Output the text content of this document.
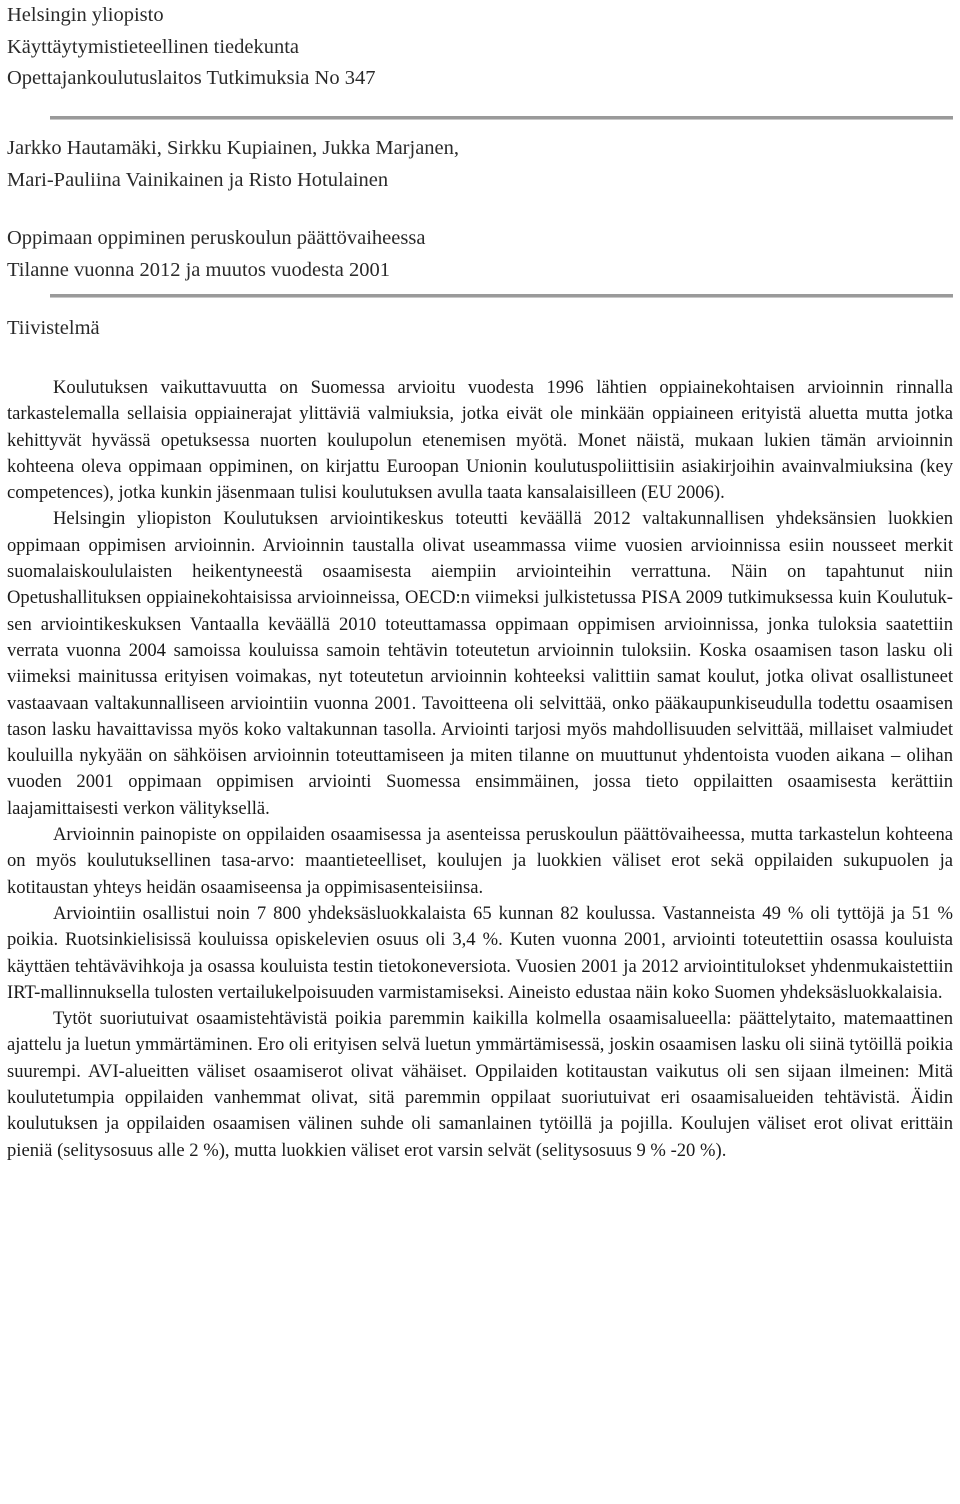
Helsingin yliopisto
Käyttäytymistieteellinen tiedekunta
Opettajankoulutuslaitos Tutkimuksia No 347
Jarkko Hautamäki, Sirkku Kupiainen, Jukka Marjanen,
Mari-Pauliina Vainikainen ja Risto Hotulainen
Oppimaan oppiminen peruskoulun päättövaiheessa
Tilanne vuonna 2012 ja muutos vuodesta 2001
Tiivistelmä

Koulutuksen vaikuttavuutta on Suomessa arvioitu vuodesta 1996 lähtien oppiainekohtaisen arvioinnin rinnalla tarkastelemalla sellaisia oppiainerajat ylittäviä valmiuksia, jotka eivät ole minkään oppiaineen erityistä aluetta mutta jotka kehittyvät hyvässä opetuksessa nuorten koulupolun etenemisen myötä. Monet näistä, mukaan lukien tämän arvioinnin kohteena oleva oppimaan oppiminen, on kirjattu Euroopan Unionin koulutuspoliittisiin asiakirjoihin avainvalmiuksina (key competences), jotka kunkin jäsenmaan tulisi koulutuksen avulla taata kansalaisilleen (EU 2006).

Helsingin yliopiston Koulutuksen arviointikeskus toteutti keväällä 2012 valtakunnallisen yhdeksänsien luokkien oppimaan oppimisen arvioinnin. Arvioinnin taustalla olivat useammassa viime vuosien arvioinnissa esiin nousseet merkit suomalaiskoululaisten heikentyneestä osaamisesta aiempiin arviointeihin verrattuna. Näin on tapahtunut niin Opetushallituksen oppiainekohtaisissa arvioinneissa, OECD:n viimeksi julkistetussa PISA 2009 tutkimuksessa kuin Koulutuksen arviointikeskuksen Vantaalla keväällä 2010 toteuttamassa oppimaan oppimisen arvioinnissa, jonka tuloksia saatettiin verrata vuonna 2004 samoissa kouluissa samoin tehtävin toteutetun arvioinnin tuloksiin. Koska osaamisen tason lasku oli viimeksi mainitussa erityisen voimakas, nyt toteutetun arvioinnin kohteeksi valittiin samat koulut, jotka olivat osallistuneet vastaavaan valtakunnalliseen arviointiin vuonna 2001. Tavoitteena oli selvittää, onko pääkaupunkiseudulla todettu osaamisen tason lasku havaittavissa myös koko valtakunnan tasolla. Arviointi tarjosi myös mahdollisuuden selvittää, millaiset valmiudet kouluilla nykyään on sähköisen arvioinnin toteuttamiseen ja miten tilanne on muuttunut yhdentoista vuoden aikana – olihan vuoden 2001 oppimaan oppimisen arviointi Suomessa ensimmäinen, jossa tieto oppilaitten osaamisesta kerättiin laajamittaisesti verkon välityksellä.

Arvioinnin painopiste on oppilaiden osaamisessa ja asenteissa peruskoulun päättövaiheessa, mutta tarkastelun kohteena on myös koulutuksellinen tasa-arvo: maantieteelliset, koulujen ja luokkien väliset erot sekä oppilaiden sukupuolen ja kotitaustan yhteys heidän osaamiseensa ja oppimisasenteisiinsa.

Arviointiin osallistui noin 7 800 yhdeksäsluokkalaista 65 kunnan 82 koulussa. Vastanneista 49 % oli tyttöjä ja 51 % poikia. Ruotsinkielisissä kouluissa opiskelevien osuus oli 3,4 %. Kuten vuonna 2001, arviointi toteutettiin osassa kouluista käyttäen tehtävävihkoja ja osassa kouluista testin tietokoneversiota. Vuosien 2001 ja 2012 arviointitulokset yhdenmukaistettiin IRT-mallinnuksella tulosten vertailukelpoisuuden varmistamiseksi. Aineisto edustaa näin koko Suomen yhdeksäsluokkalaisia.

Tytöt suoriutuivat osaamistehtävistä poikia paremmin kaikilla kolmella osaamisalueella: päättelytaito, matemaattinen ajattelu ja luetun ymmärtäminen. Ero oli erityisen selvä luetun ymmärtämisessä, joskin osaamisen lasku oli siinä tytöillä poikia suurempi. AVI-alueitten väliset osaamiserot olivat vähäiset. Oppilaiden kotitaustan vaikutus oli sen sijaan ilmeinen: Mitä koulutetumpia oppilaiden vanhemmat olivat, sitä paremmin oppilaat suoriutuivat eri osaamisalueiden tehtävistä. Äidin koulutuksen ja oppilaiden osaamisen välinen suhde oli samanlainen tytöillä ja pojilla. Koulujen väliset erot olivat erittäin pieniä (selitysosuus alle 2 %), mutta luokkien väliset erot varsin selvät (selitysosuus 9 % -20 %).
